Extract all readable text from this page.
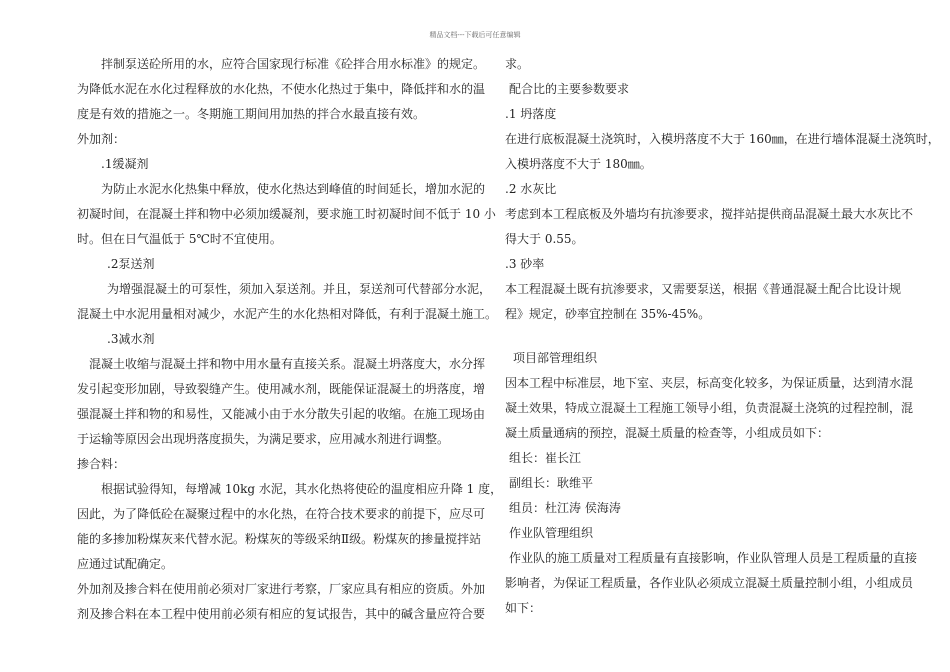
精品文档---下载后可任意编辑
拌制泵送砼所用的水，应符合国家现行标准《砼拌合用水标准》的规定。
为降低水泥在水化过程释放的水化热，不使水化热过于集中，降低拌和水的温
度是有效的措施之一。冬期施工期间用加热的拌合水最直接有效。
外加剂：
.1缓凝剂
为防止水泥水化热集中释放，使水化热达到峰值的时间延长，增加水泥的
初凝时间，在混凝土拌和物中必须加缓凝剂，要求施工时初凝时间不低于 10 小
时。但在日气温低于 5℃时不宜使用。
.2泵送剂
为增强混凝土的可泵性，须加入泵送剂。并且，泵送剂可代替部分水泥，
混凝土中水泥用量相对减少，水泥产生的水化热相对降低，有利于混凝土施工。
.3减水剂
混凝土收缩与混凝土拌和物中用水量有直接关系。混凝土坍落度大，水分挥
发引起变形加剧，导致裂缝产生。使用减水剂，既能保证混凝土的坍落度，增
强混凝土拌和物的和易性，又能减小由于水分散失引起的收缩。在施工现场由
于运输等原因会出现坍落度损失，为满足要求，应用减水剂进行调整。
掺合料：
根据试验得知，每增减 10kg 水泥，其水化热将使砼的温度相应升降 1 度，
因此，为了降低砼在凝聚过程中的水化热，在符合技术要求的前提下，应尽可
能的多掺加粉煤灰来代替水泥。粉煤灰的等级采纳Ⅱ级。粉煤灰的掺量搅拌站
应通过试配确定。
外加剂及掺合料在使用前必须对厂家进行考察，厂家应具有相应的资质。外加
剂及掺合料在本工程中使用前必须有相应的复试报告，其中的碱含量应符合要
求。
配合比的主要参数要求
.1 坍落度
在进行底板混凝土浇筑时，入模坍落度不大于 160㎜，在进行墙体混凝土浇筑时，
入模坍落度不大于 180㎜。
.2 水灰比
考虑到本工程底板及外墙均有抗渗要求，搅拌站提供商品混凝土最大水灰比不
得大于 0.55。
.3 砂率
本工程混凝土既有抗渗要求，又需要泵送，根据《普通混凝土配合比设计规
程》规定，砂率宜控制在 35%-45%。
项目部管理组织
因本工程中标准层，地下室、夹层，标高变化较多，为保证质量，达到清水混
凝土效果，特成立混凝土工程施工领导小组，负责混凝土浇筑的过程控制，混
凝土质量通病的预控，混凝土质量的检查等，小组成员如下：
组长：崔长江
副组长：耿维平
组员：杜江涛 侯海涛
作业队管理组织
作业队的施工质量对工程质量有直接影响，作业队管理人员是工程质量的直接
影响者，为保证工程质量，各作业队必须成立混凝土质量控制小组，小组成员
如下：
